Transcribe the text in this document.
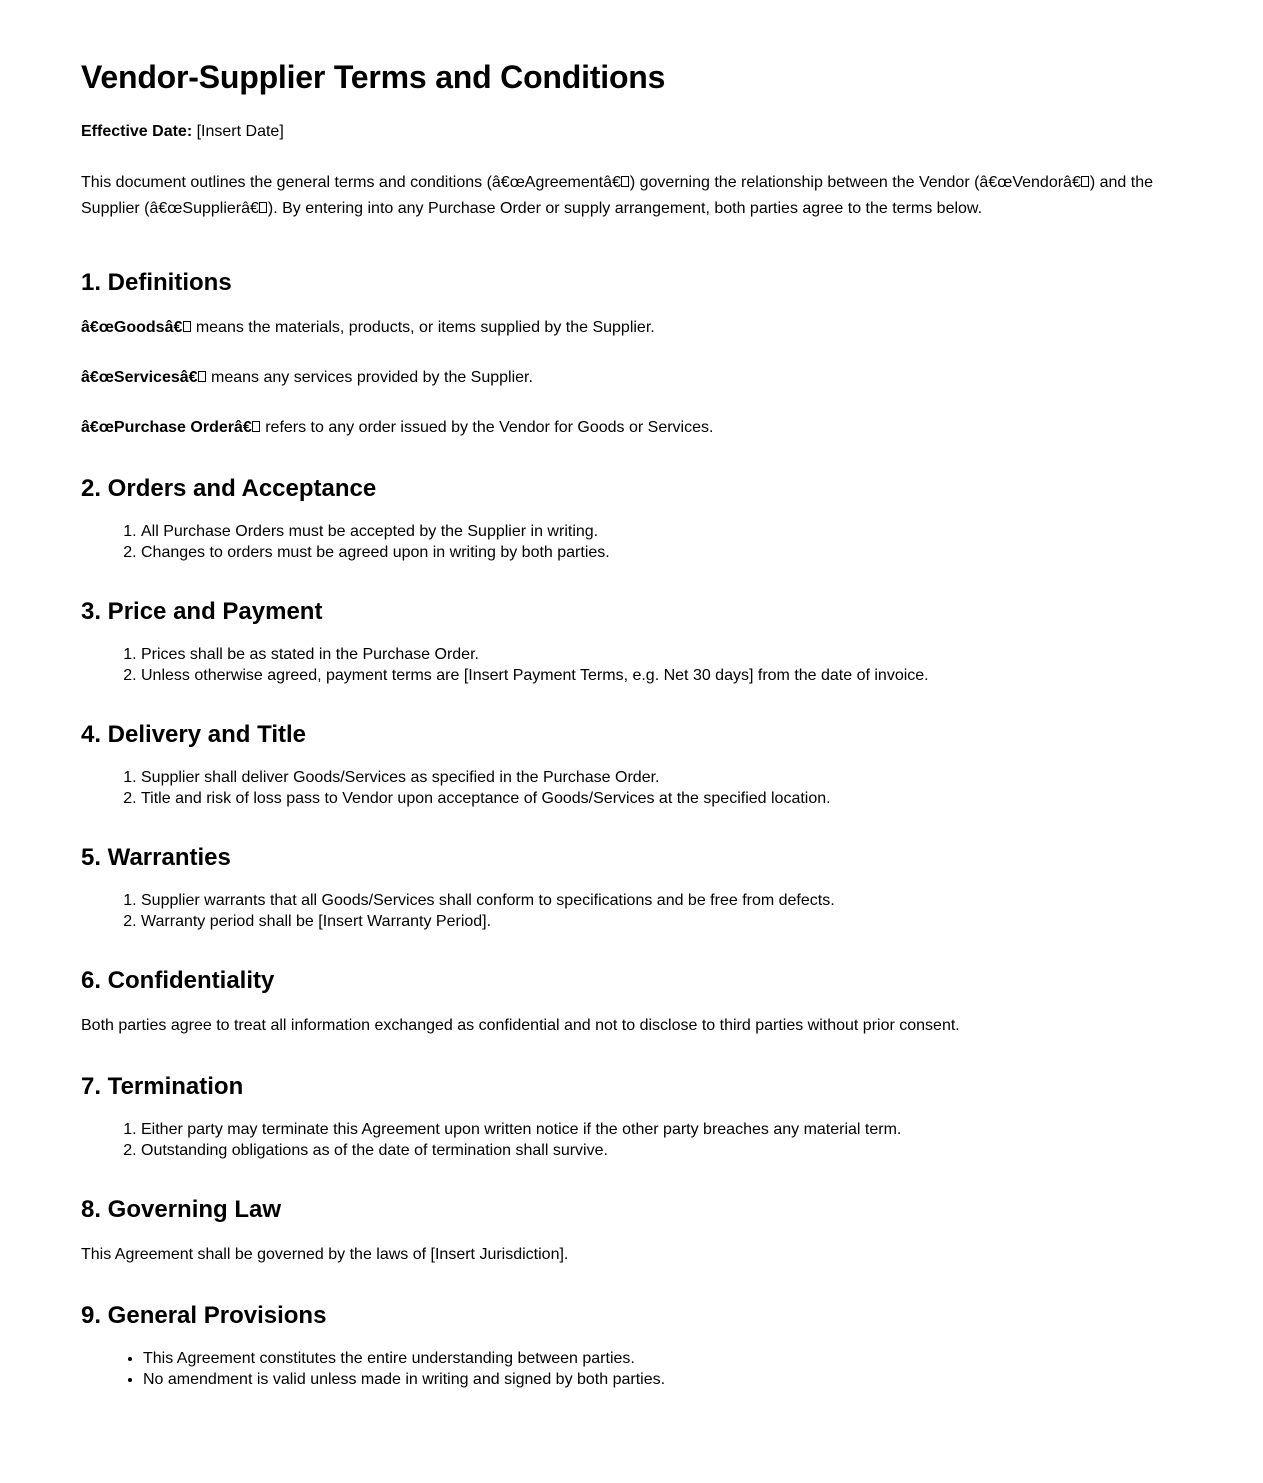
Vendor-Supplier Terms and Conditions

Effective Date: [Insert Date]

This document outlines the general terms and conditions (â€œAgreementâ€ ) governing the relationship between the Vendor (â€œVendorâ€ ) and the Supplier (â€œSupplierâ€ ). By entering into any Purchase Order or supply arrangement, both parties agree to the terms below.

1. Definitions

â€œGoodsâ€ means the materials, products, or items supplied by the Supplier.

â€œServicesâ€ means any services provided by the Supplier.

â€œPurchase Orderâ€ refers to any order issued by the Vendor for Goods or Services.

2. Orders and Acceptance
1. All Purchase Orders must be accepted by the Supplier in writing.
2. Changes to orders must be agreed upon in writing by both parties.
3. Price and Payment
1. Prices shall be as stated in the Purchase Order.
2. Unless otherwise agreed, payment terms are [Insert Payment Terms, e.g. Net 30 days] from the date of invoice.
4. Delivery and Title
1. Supplier shall deliver Goods/Services as specified in the Purchase Order.
2. Title and risk of loss pass to Vendor upon acceptance of Goods/Services at the specified location.
5. Warranties
1. Supplier warrants that all Goods/Services shall conform to specifications and be free from defects.
2. Warranty period shall be [Insert Warranty Period].
6. Confidentiality

Both parties agree to treat all information exchanged as confidential and not to disclose to third parties without prior consent.

7. Termination
1. Either party may terminate this Agreement upon written notice if the other party breaches any material term.
2. Outstanding obligations as of the date of termination shall survive.
8. Governing Law

This Agreement shall be governed by the laws of [Insert Jurisdiction].

9. General Provisions
• This Agreement constitutes the entire understanding between parties.
• No amendment is valid unless made in writing and signed by both parties.
